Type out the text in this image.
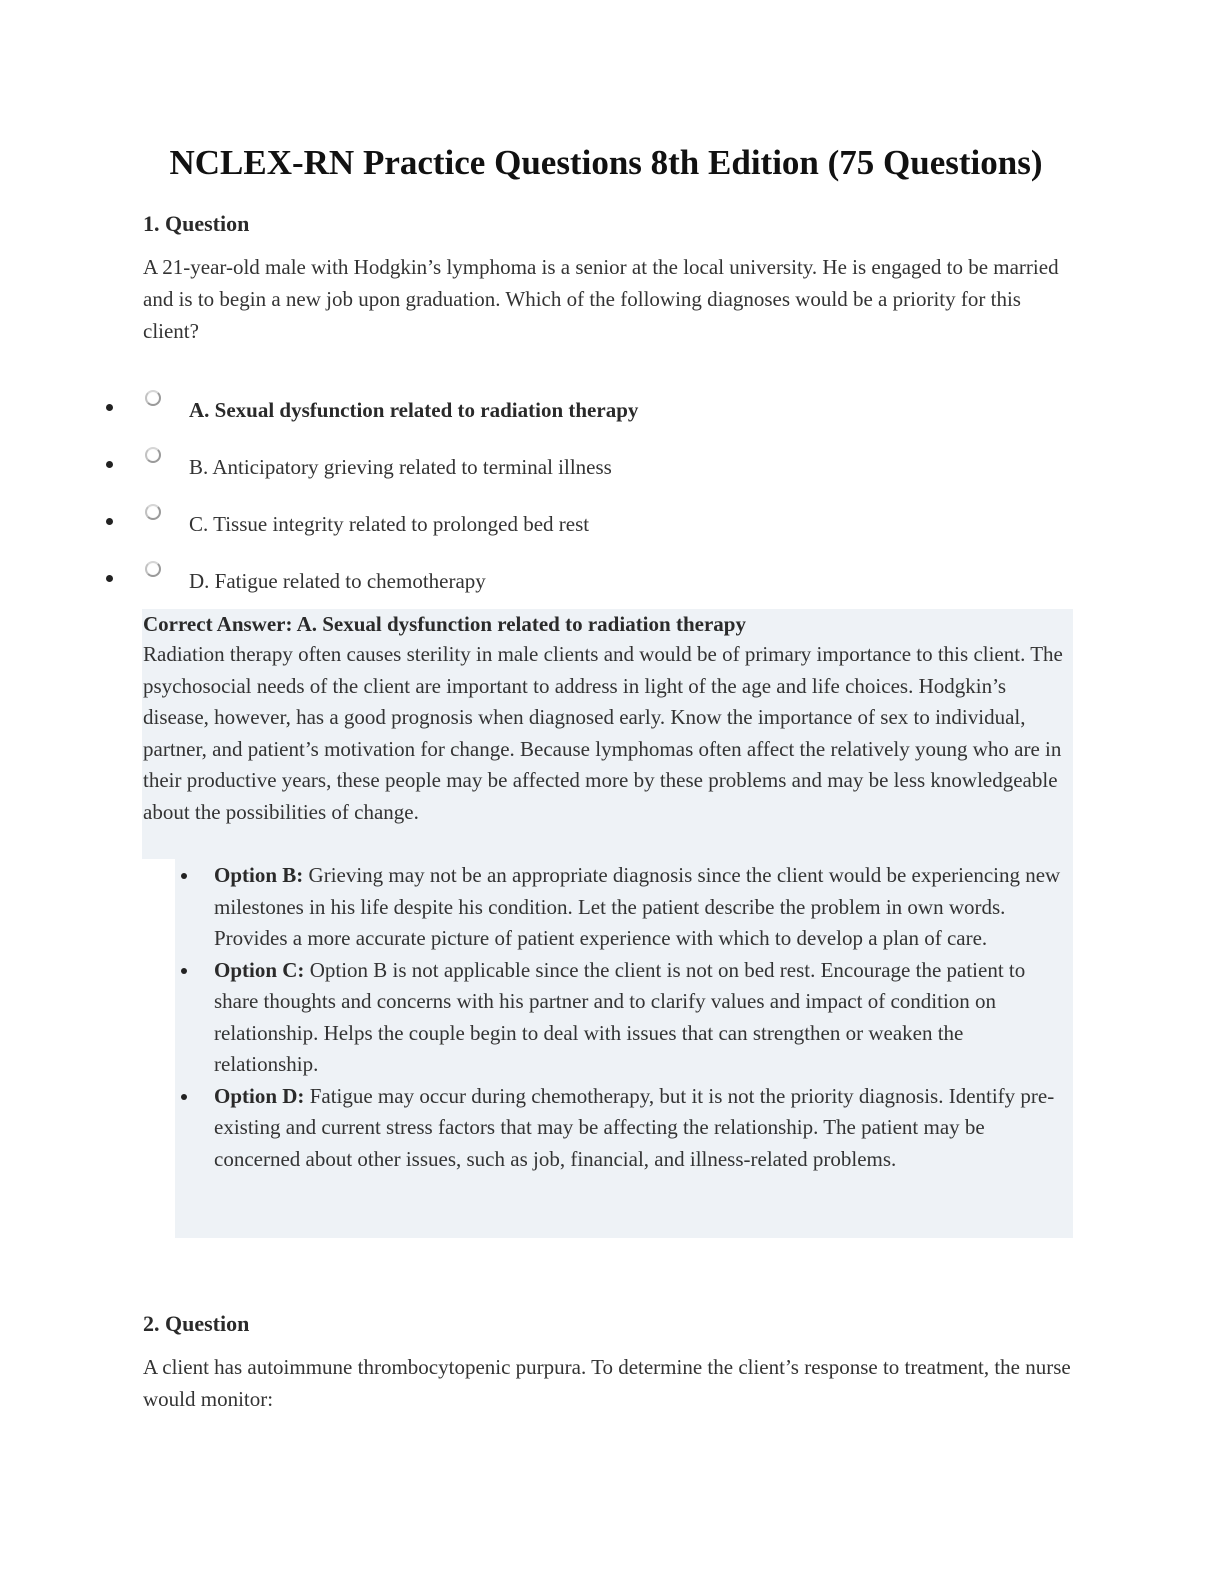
NCLEX-RN Practice Questions 8th Edition (75 Questions)
1. Question

A 21-year-old male with Hodgkin’s lymphoma is a senior at the local university. He is engaged to be married and is to begin a new job upon graduation. Which of the following diagnoses would be a priority for this client?

A. Sexual dysfunction related to radiation therapy
B. Anticipatory grieving related to terminal illness
C. Tissue integrity related to prolonged bed rest
D. Fatigue related to chemotherapy

Correct Answer: A. Sexual dysfunction related to radiation therapy

Radiation therapy often causes sterility in male clients and would be of primary importance to this client. The psychosocial needs of the client are important to address in light of the age and life choices. Hodgkin’s disease, however, has a good prognosis when diagnosed early. Know the importance of sex to individual, partner, and patient’s motivation for change. Because lymphomas often affect the relatively young who are in their productive years, these people may be affected more by these problems and may be less knowledgeable about the possibilities of change.

Option B: Grieving may not be an appropriate diagnosis since the client would be experiencing new milestones in his life despite his condition. Let the patient describe the problem in own words. Provides a more accurate picture of patient experience with which to develop a plan of care.
Option C: Option B is not applicable since the client is not on bed rest. Encourage the patient to share thoughts and concerns with his partner and to clarify values and impact of condition on relationship. Helps the couple begin to deal with issues that can strengthen or weaken the relationship.
Option D: Fatigue may occur during chemotherapy, but it is not the priority diagnosis. Identify pre-existing and current stress factors that may be affecting the relationship. The patient may be concerned about other issues, such as job, financial, and illness-related problems.
2. Question

A client has autoimmune thrombocytopenic purpura. To determine the client’s response to treatment, the nurse would monitor:
